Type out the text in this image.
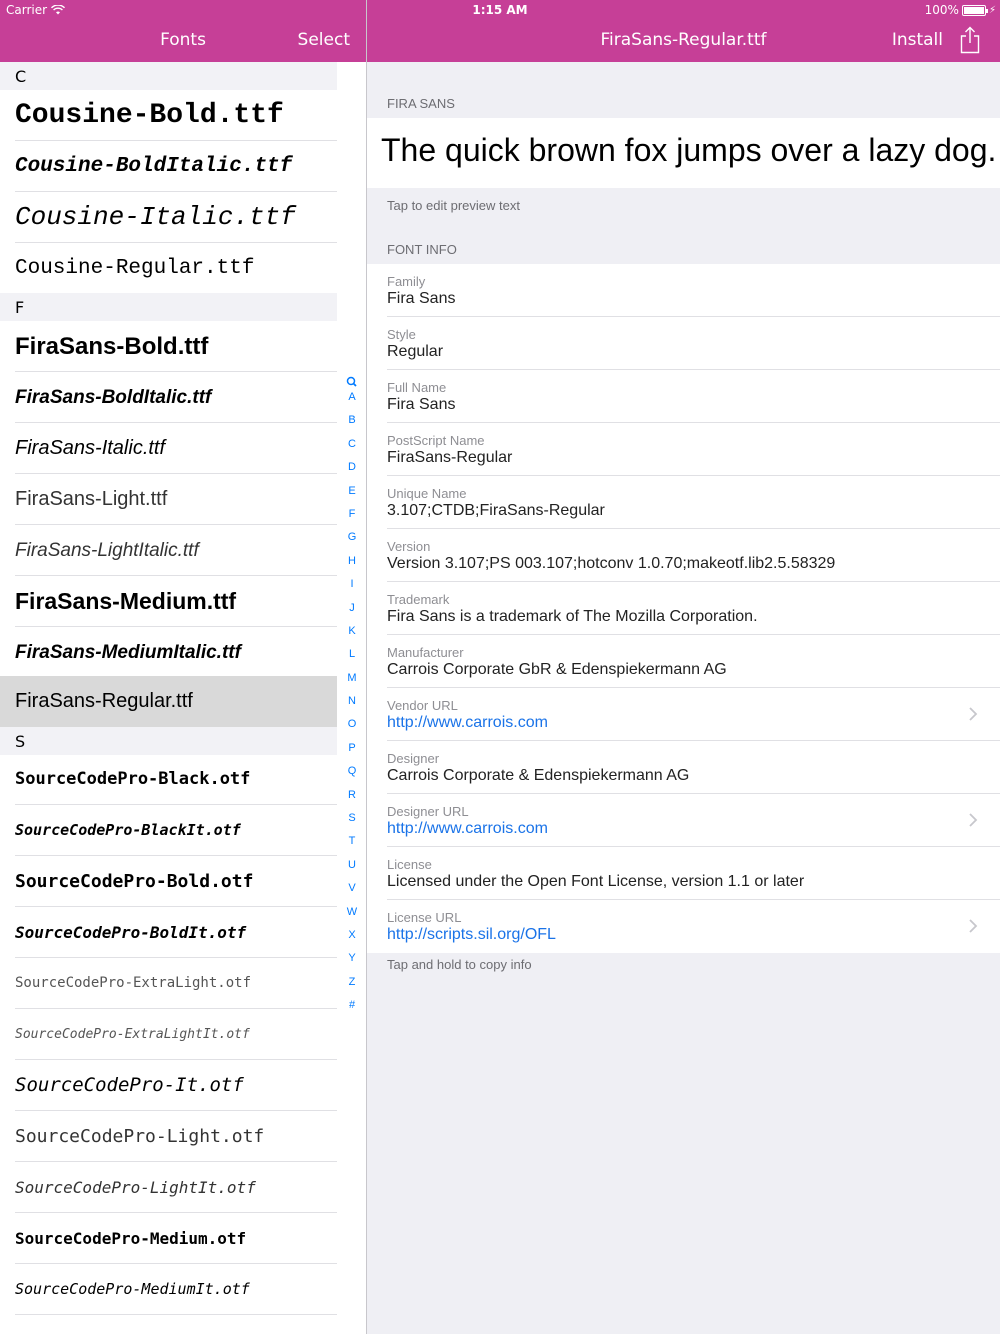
Carrier	1:15 AM	100%	⚡
Fonts	Select	FiraSans-Regular.ttf	Install
C
Cousine-Bold.ttf
Cousine-BoldItalic.ttf
Cousine-Italic.ttf
Cousine-Regular.ttf
F
FiraSans-Bold.ttf
FiraSans-BoldItalic.ttf
FiraSans-Italic.ttf
FiraSans-Light.ttf
FiraSans-LightItalic.ttf
FiraSans-Medium.ttf
FiraSans-MediumItalic.ttf
FiraSans-Regular.ttf
S
SourceCodePro-Black.otf
SourceCodePro-BlackIt.otf
SourceCodePro-Bold.otf
SourceCodePro-BoldIt.otf
SourceCodePro-ExtraLight.otf
SourceCodePro-ExtraLightIt.otf
SourceCodePro-It.otf
SourceCodePro-Light.otf
SourceCodePro-LightIt.otf
SourceCodePro-Medium.otf
SourceCodePro-MediumIt.otf
A
B
C
D
E
F
G
H
I
J
K
L
M
N
O
P
Q
R
S
T
U
V
W
X
Y
Z
#
FIRA SANS
The quick brown fox jumps over a lazy dog.
Tap to edit preview text
FONT INFO
Family
Fira Sans
Style
Regular
Full Name
Fira Sans
PostScript Name
FiraSans-Regular
Unique Name
3.107;CTDB;FiraSans-Regular
Version
Version 3.107;PS 003.107;hotconv 1.0.70;makeotf.lib2.5.58329
Trademark
Fira Sans is a trademark of The Mozilla Corporation.
Manufacturer
Carrois Corporate GbR & Edenspiekermann AG
Vendor URL
http://www.carrois.com
Designer
Carrois Corporate & Edenspiekermann AG
Designer URL
http://www.carrois.com
License
Licensed under the Open Font License, version 1.1 or later
License URL
http://scripts.sil.org/OFL
Tap and hold to copy info
